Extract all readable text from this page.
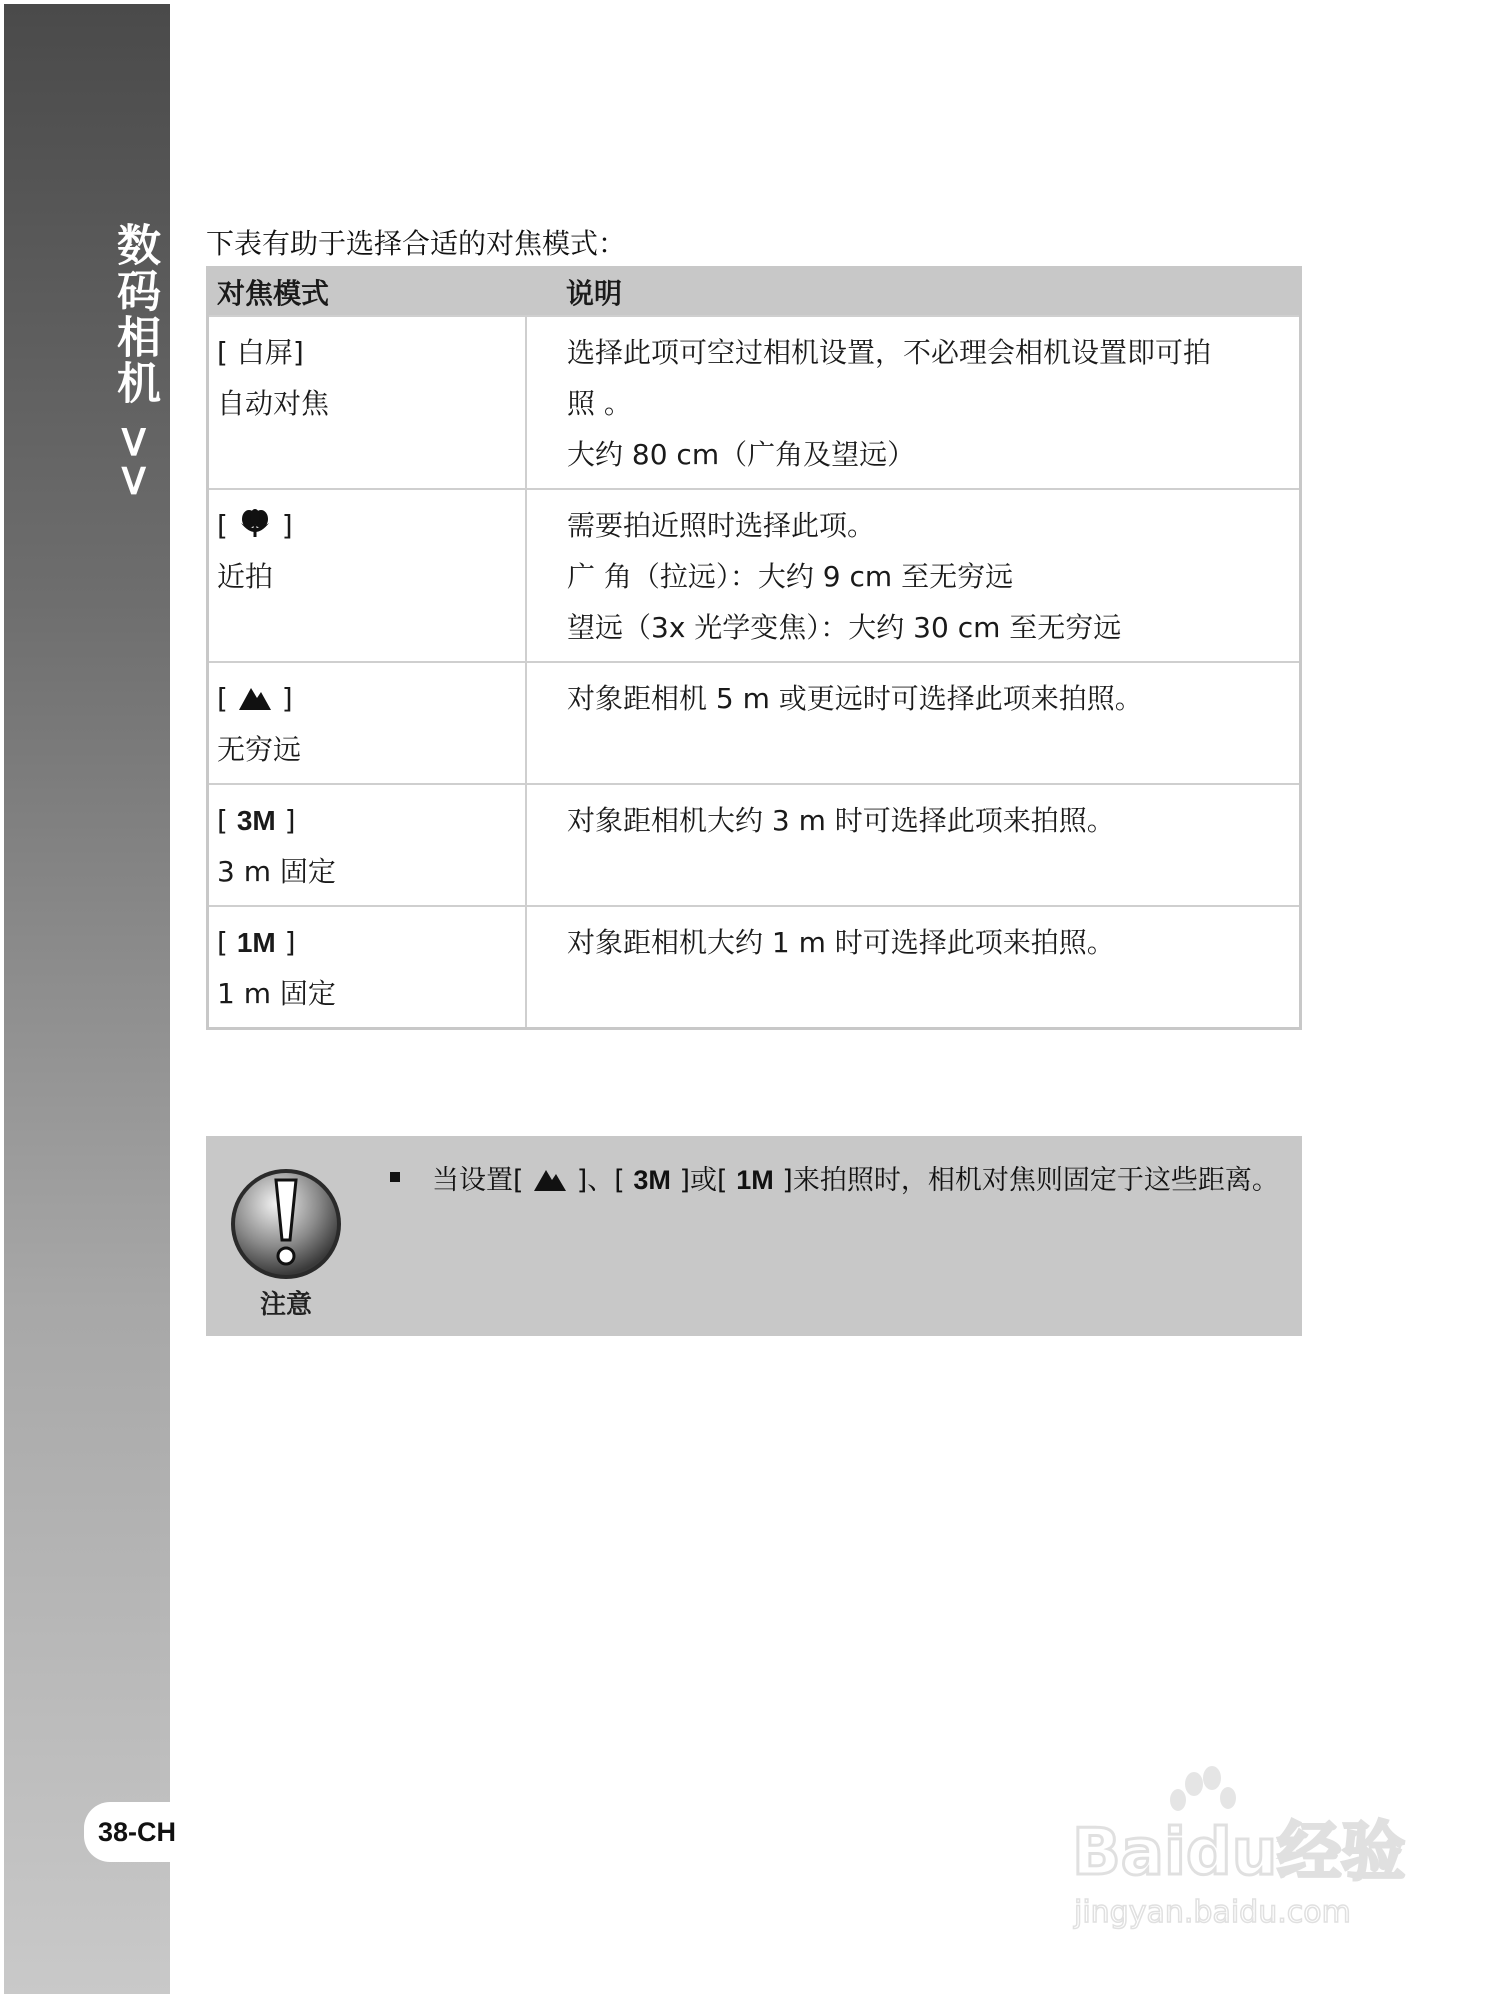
数码相机 >>
38-CH
下表有助于选择合适的对焦模式：
对焦模式	说明

[ 白屏]
自动对焦	选择此项可空过相机设置，不必理会相机设置即可拍
照 。
大约 80 cm（广角及望远）

[ ]
近拍	需要拍近照时选择此项。
广 角（拉远）：大约 9 cm 至无穷远
望远（3x 光学变焦）：大约 30 cm 至无穷远

[ ]
无穷远	对象距相机 5 m 或更远时可选择此项来拍照。

[ 3M ]
3 m 固定	对象距相机大约 3 m 时可选择此项来拍照。

[ 1M ]
1 m 固定	对象距相机大约 1 m 时可选择此项来拍照。
注意
当设置[ ]、[ 3M ]或[ 1M ]来拍照时，相机对焦则固定于这些距离。
Baidu经验
jingyan.baidu.com
